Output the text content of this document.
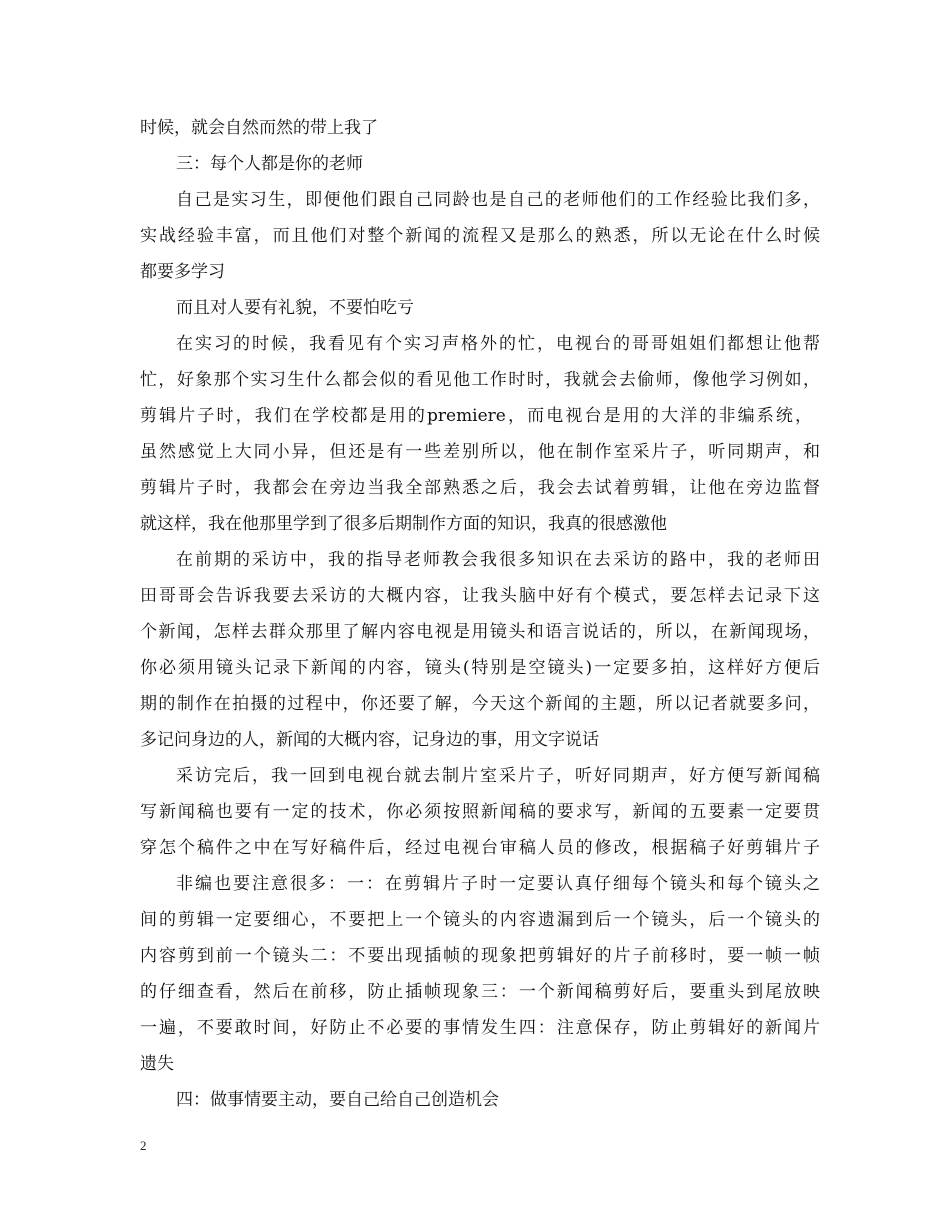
时候，就会自然而然的带上我了
三：每个人都是你的老师
自己是实习生，即便他们跟自己同龄也是自己的老师他们的工作经验比我们多，
实战经验丰富，而且他们对整个新闻的流程又是那么的熟悉，所以无论在什么时候
都要多学习
而且对人要有礼貌，不要怕吃亏
在实习的时候，我看见有个实习声格外的忙，电视台的哥哥姐姐们都想让他帮
忙，好象那个实习生什么都会似的看见他工作时时，我就会去偷师，像他学习例如，
剪辑片子时，我们在学校都是用的premiere，而电视台是用的大洋的非编系统，
虽然感觉上大同小异，但还是有一些差别所以，他在制作室采片子，听同期声，和
剪辑片子时，我都会在旁边当我全部熟悉之后，我会去试着剪辑，让他在旁边监督
就这样，我在他那里学到了很多后期制作方面的知识，我真的很感激他
在前期的采访中，我的指导老师教会我很多知识在去采访的路中，我的老师田
田哥哥会告诉我要去采访的大概内容，让我头脑中好有个模式，要怎样去记录下这
个新闻，怎样去群众那里了解内容电视是用镜头和语言说话的，所以，在新闻现场，
你必须用镜头记录下新闻的内容，镜头(特别是空镜头)一定要多拍，这样好方便后
期的制作在拍摄的过程中，你还要了解，今天这个新闻的主题，所以记者就要多问，
多记问身边的人，新闻的大概内容，记身边的事，用文字说话
采访完后，我一回到电视台就去制片室采片子，听好同期声，好方便写新闻稿
写新闻稿也要有一定的技术，你必须按照新闻稿的要求写，新闻的五要素一定要贯
穿怎个稿件之中在写好稿件后，经过电视台审稿人员的修改，根据稿子好剪辑片子
非编也要注意很多：一：在剪辑片子时一定要认真仔细每个镜头和每个镜头之
间的剪辑一定要细心，不要把上一个镜头的内容遗漏到后一个镜头，后一个镜头的
内容剪到前一个镜头二：不要出现插帧的现象把剪辑好的片子前移时，要一帧一帧
的仔细查看，然后在前移，防止插帧现象三：一个新闻稿剪好后，要重头到尾放映
一遍，不要敢时间，好防止不必要的事情发生四：注意保存，防止剪辑好的新闻片
遗失
四：做事情要主动，要自己给自己创造机会
2
